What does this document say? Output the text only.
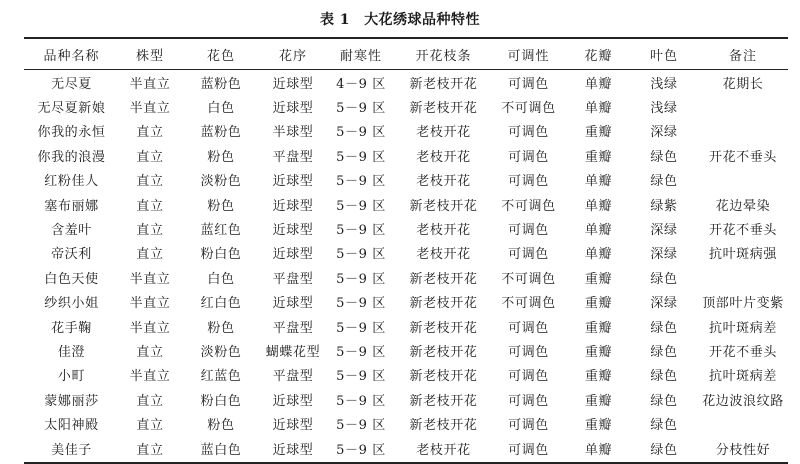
表 1 大花绣球品种特性
品种名称	株型	花色	花序	耐寒性	开花枝条	可调性	花瓣	叶色	备注
无尽夏	半直立	蓝粉色	近球型	4－9 区	新老枝开花	可调色	单瓣	浅绿	花期长
无尽夏新娘	半直立	白色	近球型	5－9 区	新老枝开花	不可调色	单瓣	浅绿	
你我的永恒	直立	蓝粉色	半球型	5－9 区	老枝开花	可调色	重瓣	深绿	
你我的浪漫	直立	粉色	平盘型	5－9 区	老枝开花	可调色	重瓣	绿色	开花不垂头
红粉佳人	直立	淡粉色	近球型	5－9 区	老枝开花	可调色	单瓣	绿色	
塞布丽娜	直立	粉色	近球型	5－9 区	新老枝开花	不可调色	单瓣	绿紫	花边晕染
含羞叶	直立	蓝红色	近球型	5－9 区	老枝开花	可调色	单瓣	深绿	开花不垂头
帝沃利	直立	粉白色	近球型	5－9 区	老枝开花	可调色	单瓣	深绿	抗叶斑病强
白色天使	半直立	白色	平盘型	5－9 区	新老枝开花	不可调色	重瓣	绿色	
纱织小姐	半直立	红白色	近球型	5－9 区	新老枝开花	不可调色	重瓣	深绿	顶部叶片变紫
花手鞠	半直立	粉色	平盘型	5－9 区	新老枝开花	可调色	重瓣	绿色	抗叶斑病差
佳澄	直立	淡粉色	蝴蝶花型	5－9 区	新老枝开花	可调色	重瓣	绿色	开花不垂头
小町	半直立	红蓝色	平盘型	5－9 区	新老枝开花	可调色	重瓣	绿色	抗叶斑病差
蒙娜丽莎	直立	粉白色	近球型	5－9 区	新老枝开花	可调色	重瓣	绿色	花边波浪纹路
太阳神殿	直立	粉色	近球型	5－9 区	新老枝开花	可调色	重瓣	绿色	
美佳子	直立	蓝白色	近球型	5－9 区	老枝开花	可调色	单瓣	绿色	分枝性好
